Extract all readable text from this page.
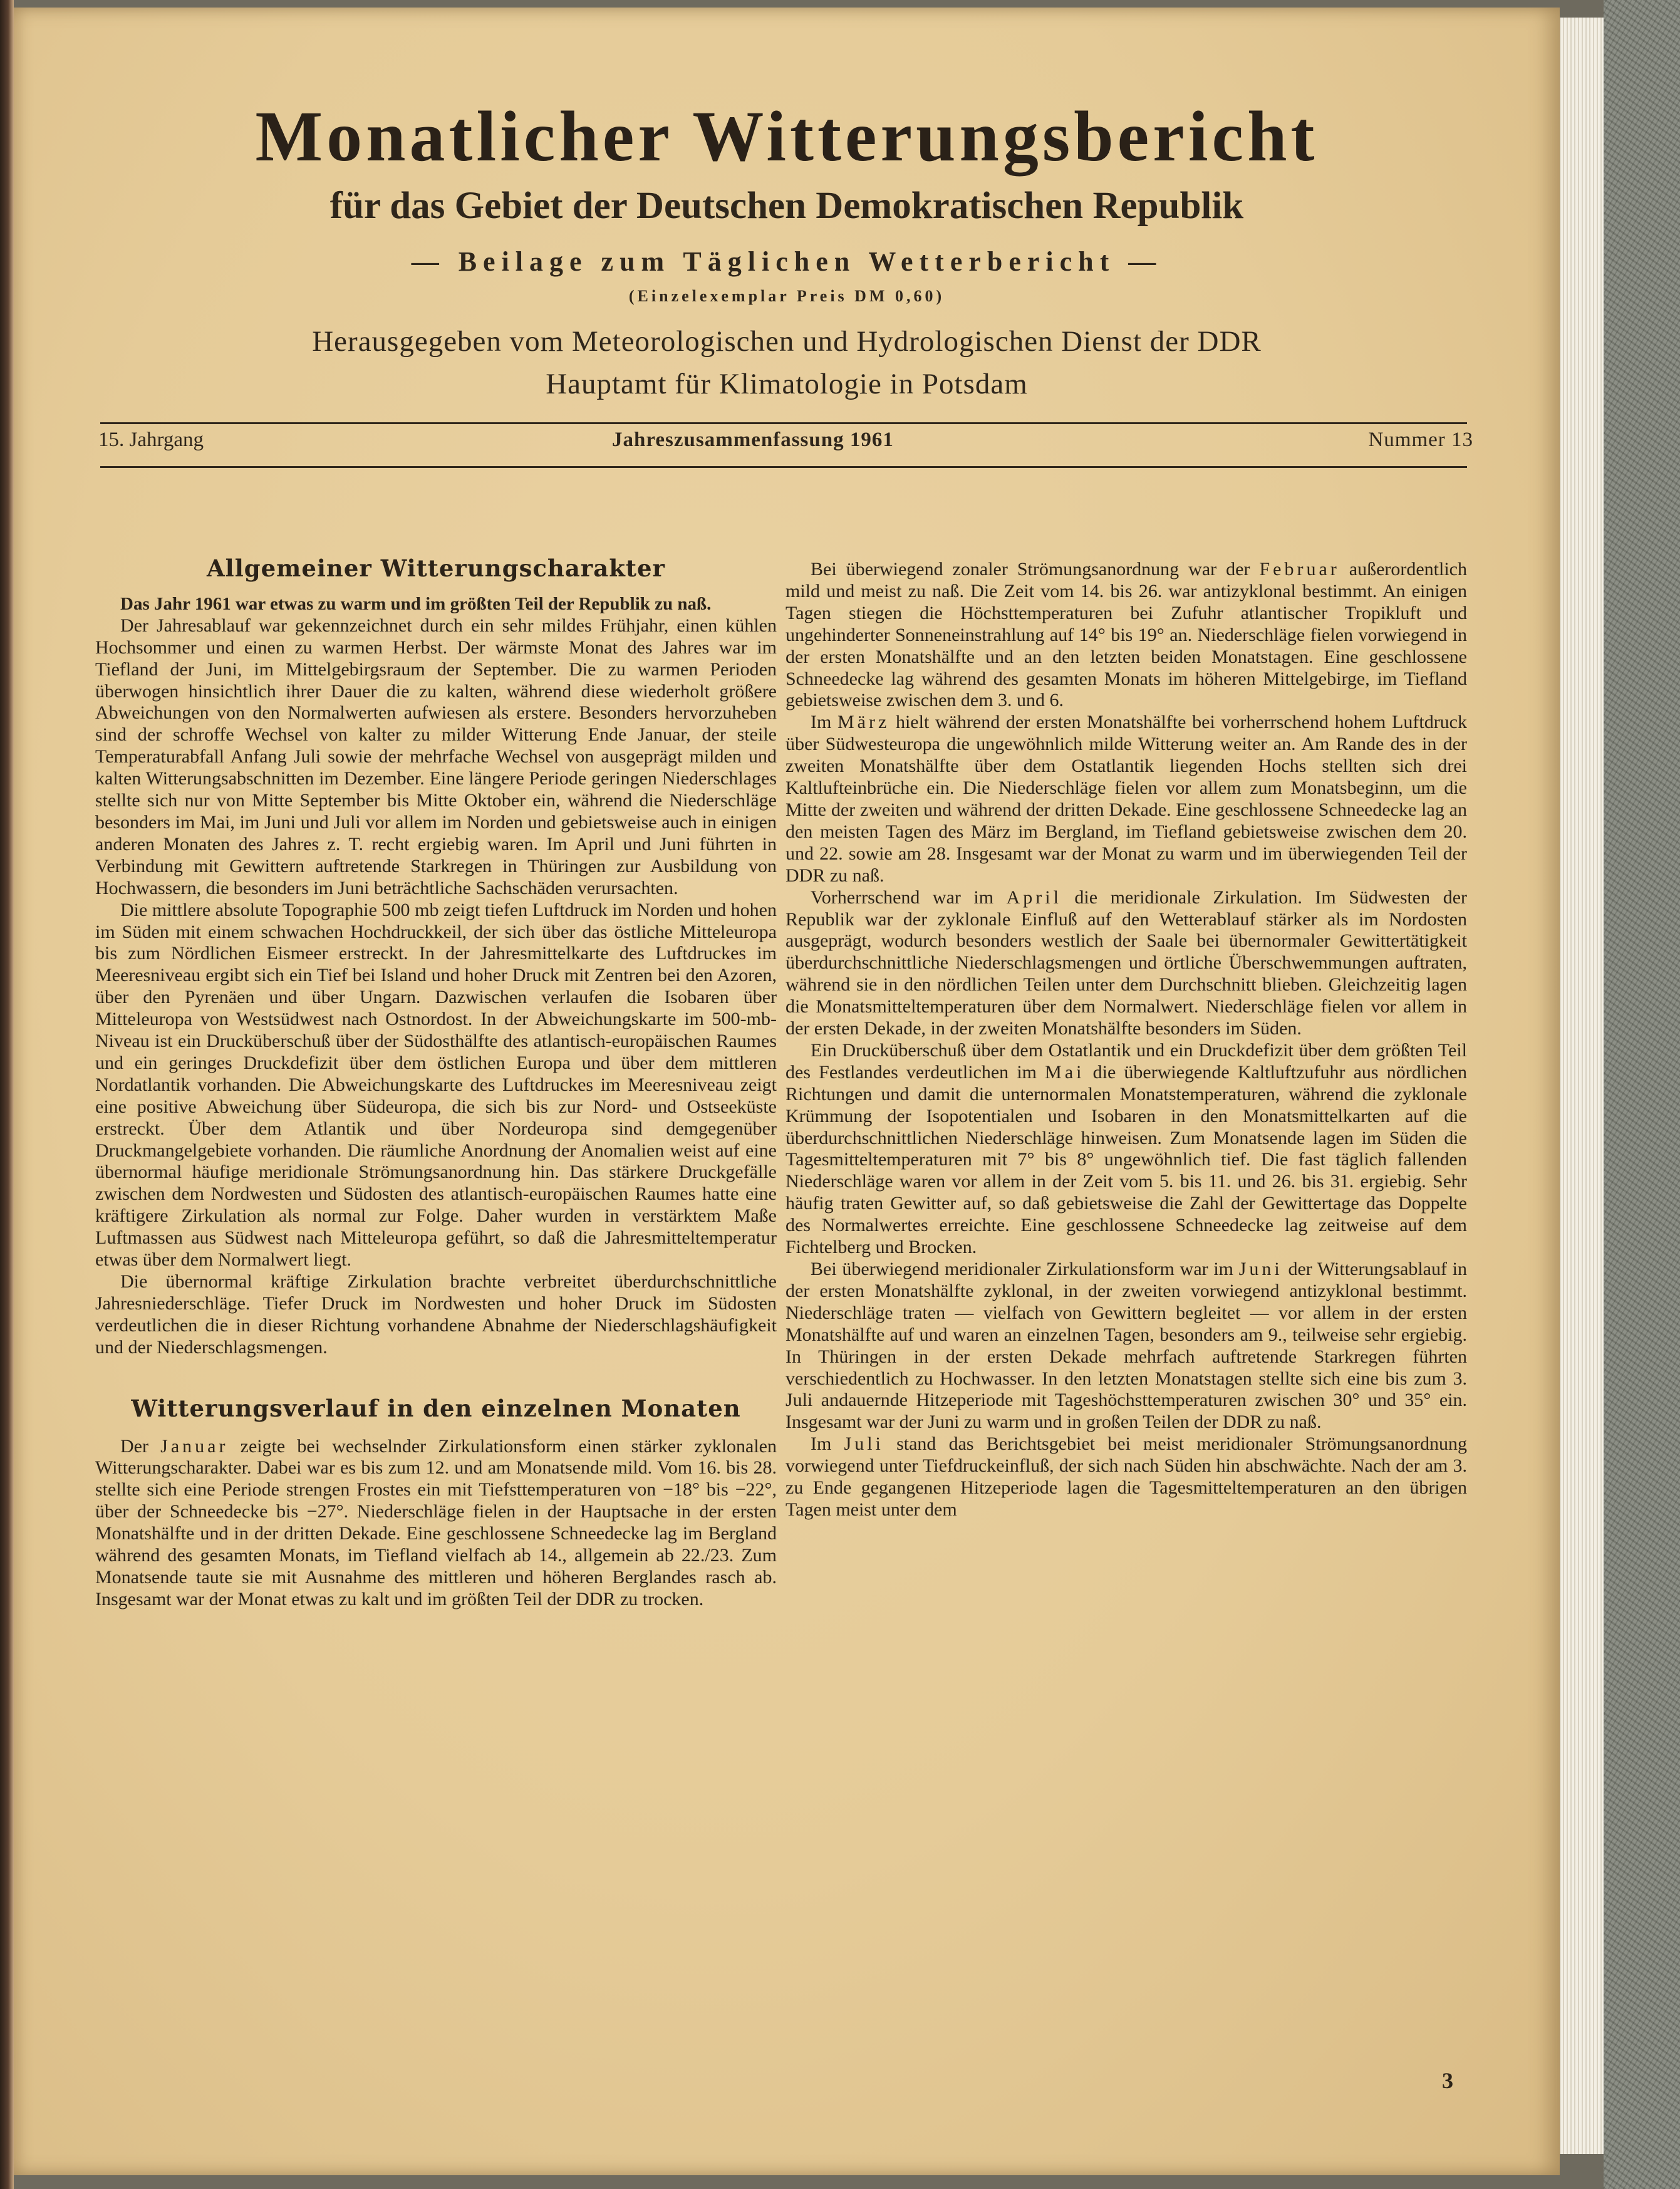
Monatlicher Witterungsbericht
für das Gebiet der Deutschen Demokratischen Republik
— Beilage zum Täglichen Wetterbericht —
(Einzelexemplar Preis DM 0,60)
Herausgegeben vom Meteorologischen und Hydrologischen Dienst der DDR
Hauptamt für Klimatologie in Potsdam
15. Jahrgang	Jahreszusammenfassung 1961	Nummer 13
Allgemeiner Witterungscharakter

Das Jahr 1961 war etwas zu warm und im größten Teil der Republik zu naß.

Der Jahresablauf war gekennzeichnet durch ein sehr mildes Frühjahr, einen kühlen Hochsommer und einen zu warmen Herbst. Der wärmste Monat des Jahres war im Tiefland der Juni, im Mittelgebirgsraum der September. Die zu warmen Perioden überwogen hinsichtlich ihrer Dauer die zu kalten, während diese wiederholt größere Abweichungen von den Normalwerten aufwiesen als erstere. Besonders hervorzuheben sind der schroffe Wechsel von kalter zu milder Witterung Ende Januar, der steile Temperaturabfall Anfang Juli sowie der mehrfache Wechsel von ausgeprägt milden und kalten Witterungsabschnitten im Dezember. Eine längere Periode geringen Niederschlages stellte sich nur von Mitte September bis Mitte Oktober ein, während die Niederschläge besonders im Mai, im Juni und Juli vor allem im Norden und gebietsweise auch in einigen anderen Monaten des Jahres z. T. recht ergiebig waren. Im April und Juni führten in Verbindung mit Gewittern auftretende Starkregen in Thüringen zur Ausbildung von Hochwassern, die besonders im Juni beträchtliche Sachschäden verursachten.

Die mittlere absolute Topographie 500 mb zeigt tiefen Luftdruck im Norden und hohen im Süden mit einem schwachen Hochdruckkeil, der sich über das östliche Mitteleuropa bis zum Nördlichen Eismeer erstreckt. In der Jahresmittelkarte des Luftdruckes im Meeresniveau ergibt sich ein Tief bei Island und hoher Druck mit Zentren bei den Azoren, über den Pyrenäen und über Ungarn. Dazwischen verlaufen die Isobaren über Mitteleuropa von Westsüdwest nach Ostnordost. In der Abweichungskarte im 500-mb-Niveau ist ein Drucküberschuß über der Südosthälfte des atlantisch-europäischen Raumes und ein geringes Druckdefizit über dem östlichen Europa und über dem mittleren Nordatlantik vorhanden. Die Abweichungskarte des Luftdruckes im Meeresniveau zeigt eine positive Abweichung über Südeuropa, die sich bis zur Nord- und Ostseeküste erstreckt. Über dem Atlantik und über Nordeuropa sind demgegenüber Druckmangelgebiete vorhanden. Die räumliche Anordnung der Anomalien weist auf eine übernormal häufige meridionale Strömungsanordnung hin. Das stärkere Druckgefälle zwischen dem Nordwesten und Südosten des atlantisch-europäischen Raumes hatte eine kräftigere Zirkulation als normal zur Folge. Daher wurden in verstärktem Maße Luftmassen aus Südwest nach Mitteleuropa geführt, so daß die Jahresmitteltemperatur etwas über dem Normalwert liegt.

Die übernormal kräftige Zirkulation brachte verbreitet überdurchschnittliche Jahresniederschläge. Tiefer Druck im Nordwesten und hoher Druck im Südosten verdeutlichen die in dieser Richtung vorhandene Abnahme der Niederschlagshäufigkeit und der Niederschlagsmengen.

Witterungsverlauf in den einzelnen Monaten

Der Januar zeigte bei wechselnder Zirkulationsform einen stärker zyklonalen Witterungscharakter. Dabei war es bis zum 12. und am Monatsende mild. Vom 16. bis 28. stellte sich eine Periode strengen Frostes ein mit Tiefsttemperaturen von −18° bis −22°, über der Schneedecke bis −27°. Niederschläge fielen in der Hauptsache in der ersten Monatshälfte und in der dritten Dekade. Eine geschlossene Schneedecke lag im Bergland während des gesamten Monats, im Tiefland vielfach ab 14., allgemein ab 22./23. Zum Monatsende taute sie mit Ausnahme des mittleren und höheren Berglandes rasch ab. Insgesamt war der Monat etwas zu kalt und im größten Teil der DDR zu trocken.

Bei überwiegend zonaler Strömungsanordnung war der Februar außerordentlich mild und meist zu naß. Die Zeit vom 14. bis 26. war antizyklonal bestimmt. An einigen Tagen stiegen die Höchsttemperaturen bei Zufuhr atlantischer Tropikluft und ungehinderter Sonneneinstrahlung auf 14° bis 19° an. Niederschläge fielen vorwiegend in der ersten Monatshälfte und an den letzten beiden Monatstagen. Eine geschlossene Schneedecke lag während des gesamten Monats im höheren Mittelgebirge, im Tiefland gebietsweise zwischen dem 3. und 6.

Im März hielt während der ersten Monatshälfte bei vorherrschend hohem Luftdruck über Südwesteuropa die ungewöhnlich milde Witterung weiter an. Am Rande des in der zweiten Monatshälfte über dem Ostatlantik liegenden Hochs stellten sich drei Kaltlufteinbrüche ein. Die Niederschläge fielen vor allem zum Monatsbeginn, um die Mitte der zweiten und während der dritten Dekade. Eine geschlossene Schneedecke lag an den meisten Tagen des März im Bergland, im Tiefland gebietsweise zwischen dem 20. und 22. sowie am 28. Insgesamt war der Monat zu warm und im überwiegenden Teil der DDR zu naß.

Vorherrschend war im April die meridionale Zirkulation. Im Südwesten der Republik war der zyklonale Einfluß auf den Wetterablauf stärker als im Nordosten ausgeprägt, wodurch besonders westlich der Saale bei übernormaler Gewittertätigkeit überdurchschnittliche Niederschlagsmengen und örtliche Überschwemmungen auftraten, während sie in den nördlichen Teilen unter dem Durchschnitt blieben. Gleichzeitig lagen die Monatsmitteltemperaturen über dem Normalwert. Niederschläge fielen vor allem in der ersten Dekade, in der zweiten Monatshälfte besonders im Süden.

Ein Drucküberschuß über dem Ostatlantik und ein Druckdefizit über dem größten Teil des Festlandes verdeutlichen im Mai die überwiegende Kaltluftzufuhr aus nördlichen Richtungen und damit die unternormalen Monatstemperaturen, während die zyklonale Krümmung der Isopotentialen und Isobaren in den Monatsmittelkarten auf die überdurchschnittlichen Niederschläge hinweisen. Zum Monatsende lagen im Süden die Tagesmitteltemperaturen mit 7° bis 8° ungewöhnlich tief. Die fast täglich fallenden Niederschläge waren vor allem in der Zeit vom 5. bis 11. und 26. bis 31. ergiebig. Sehr häufig traten Gewitter auf, so daß gebietsweise die Zahl der Gewittertage das Doppelte des Normalwertes erreichte. Eine geschlossene Schneedecke lag zeitweise auf dem Fichtelberg und Brocken.

Bei überwiegend meridionaler Zirkulationsform war im Juni der Witterungsablauf in der ersten Monatshälfte zyklonal, in der zweiten vorwiegend antizyklonal bestimmt. Niederschläge traten — vielfach von Gewittern begleitet — vor allem in der ersten Monatshälfte auf und waren an einzelnen Tagen, besonders am 9., teilweise sehr ergiebig. In Thüringen in der ersten Dekade mehrfach auftretende Starkregen führten verschiedentlich zu Hochwasser. In den letzten Monatstagen stellte sich eine bis zum 3. Juli andauernde Hitzeperiode mit Tageshöchsttemperaturen zwischen 30° und 35° ein. Insgesamt war der Juni zu warm und in großen Teilen der DDR zu naß.

Im Juli stand das Berichtsgebiet bei meist meridionaler Strömungsanordnung vorwiegend unter Tiefdruckeinfluß, der sich nach Süden hin abschwächte. Nach der am 3. zu Ende gegangenen Hitzeperiode lagen die Tagesmitteltemperaturen an den übrigen Tagen meist unter dem

3
